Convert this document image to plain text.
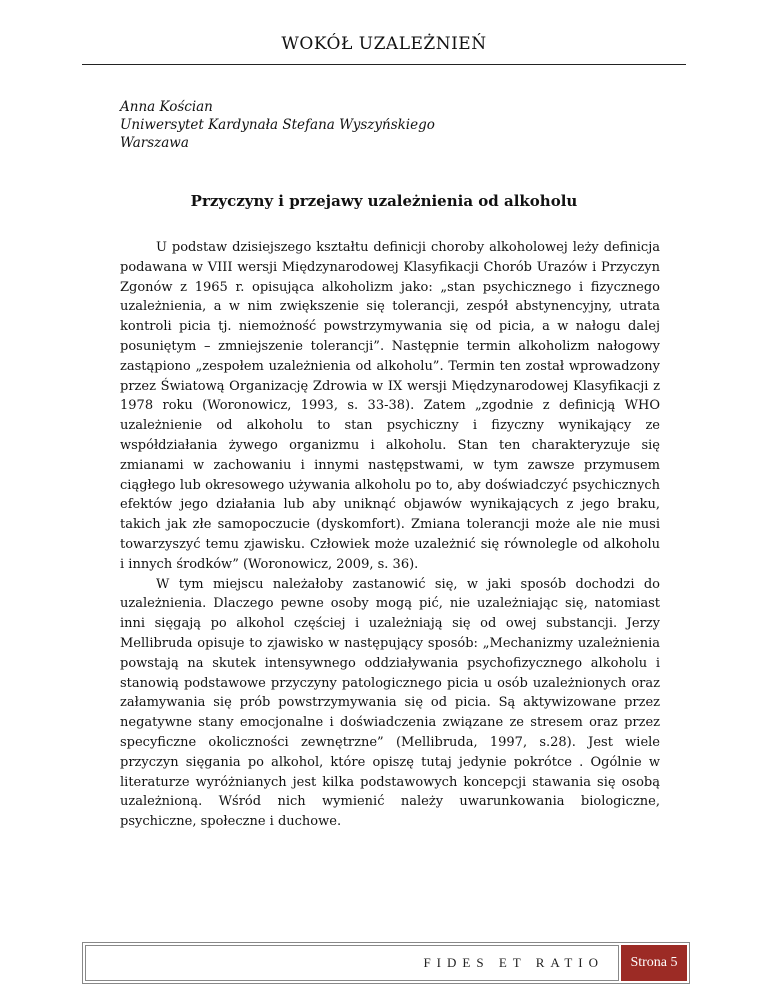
WOKÓŁ UZALEŻNIEŃ
Anna Kościan
Uniwersytet Kardynała Stefana Wyszyńskiego
Warszawa
Przyczyny i przejawy uzależnienia od alkoholu

U podstaw dzisiejszego kształtu definicji choroby alkoholowej leży definicja podawana w VIII wersji Międzynarodowej Klasyfikacji Chorób Urazów i Przyczyn Zgonów z 1965 r. opisująca alkoholizm jako: „stan psychicznego i fizycznego uzależnienia, a w nim zwiększenie się tolerancji, zespół abstynencyjny, utrata kontroli picia tj. niemożność powstrzymywania się od picia, a w nałogu dalej posuniętym – zmniejszenie tolerancji”. Następnie termin alkoholizm nałogowy zastąpiono „zespołem uzależnienia od alkoholu”. Termin ten został wprowadzony przez Światową Organizację Zdrowia w IX wersji Międzynarodowej Klasyfikacji z 1978 roku (Woronowicz, 1993, s. 33-38). Zatem „zgodnie z definicją WHO uzależnienie od alkoholu to stan psychiczny i fizyczny wynikający ze współdziałania żywego organizmu i alkoholu. Stan ten charakteryzuje się zmianami w zachowaniu i innymi następstwami, w tym zawsze przymusem ciągłego lub okresowego używania alkoholu po to, aby doświadczyć psychicznych efektów jego działania lub aby uniknąć objawów wynikających z jego braku, takich jak złe samopoczucie (dyskomfort). Zmiana tolerancji może ale nie musi towarzyszyć temu zjawisku. Człowiek może uzależnić się równolegle od alkoholu i innych środków” (Woronowicz, 2009, s. 36).

W tym miejscu należałoby zastanowić się, w jaki sposób dochodzi do uzależnienia. Dlaczego pewne osoby mogą pić, nie uzależniając się, natomiast inni sięgają po alkohol częściej i uzależniają się od owej substancji. Jerzy Mellibruda opisuje to zjawisko w następujący sposób: „Mechanizmy uzależnienia powstają na skutek intensywnego oddziaływania psychofizycznego alkoholu i stanowią podstawowe przyczyny patologicznego picia u osób uzależnionych oraz załamywania się prób powstrzymywania się od picia. Są aktywizowane przez negatywne stany emocjonalne i doświadczenia związane ze stresem oraz przez specyficzne okoliczności zewnętrzne” (Mellibruda, 1997, s.28). Jest wiele przyczyn sięgania po alkohol, które opiszę tutaj jedynie pokrótce . Ogólnie w literaturze wyróżnianych jest kilka podstawowych koncepcji stawania się osobą uzależnioną. Wśród nich wymienić należy uwarunkowania biologiczne, psychiczne, społeczne i duchowe.

FIDES ET RATIO	Strona 5
